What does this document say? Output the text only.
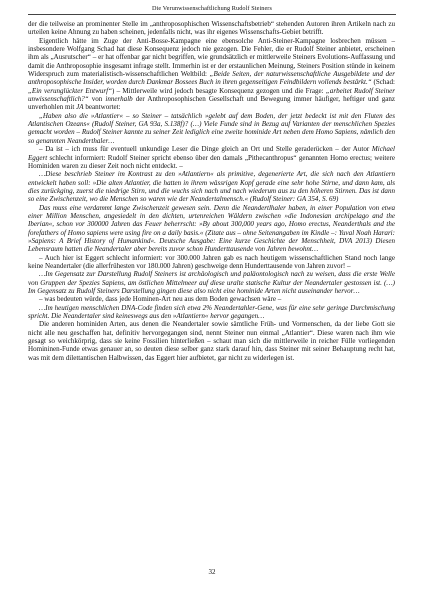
Die Verunwissenschaftlichung Rudolf Steiners

der die teilweise an prominenter Stelle im „anthroposophischen Wissenschaftsbetrieb“ stehenden Autoren ihren Artikeln nach zu urteilen keine Ahnung zu haben scheinen, jedenfalls nicht, was ihr eigenes Wissenschafts-Gebiet betrifft.

Eigentlich hätte im Zuge der Anti-Bosse-Kampagne eine ebensolche Anti-Steiner-Kampagne losbrechen müssen – insbesondere Wolfgang Schad hat diese Konsequenz jedoch nie gezogen. Die Fehler, die er Rudolf Steiner anbietet, erscheinen ihm als „Ausrutscher“ – er hat offenbar gar nicht begriffen, wie grundsätzlich er mittlerweile Steiners Evolutions-Auffassung und damit die Anthroposophie insgesamt infrage stellt. Immerhin ist er der erstaunlichen Meinung, Steiners Position stünde in keinem Widerspruch zum materialistisch-wissenschaftlichen Weltbild: „Beide Seiten, der naturwissenschaftliche Ausgebildete und der anthroposophische Insider, worden durch Dankmar Bossees Buch in ihren gegenseitigen Feindbildern vollends bestärkt.“ (Schad: „Ein verunglückter Entwurf“) – Mittlerweile wird jedoch besagte Konsequenz gezogen und die Frage: „arbeitet Rudolf Steiner unwissenschaftlich?“ von innerhalb der Anthroposophischen Gesellschaft und Bewegung immer häufiger, heftiger und ganz unverhohlen mit JA beantwortet:

„Haben also die »Atlantier« – so Steiner – tatsächlich »gelebt auf dem Boden, der jetzt bedeckt ist mit den Fluten des Atlantischen Ozeans« (Rudolf Steiner, GA 93a, S.138f)? (…) Viele Funde sind in Bezug auf Varianten der menschlichen Spezies gemacht worden – Rudolf Steiner kannte zu seiner Zeit lediglich eine zweite hominide Art neben dem Homo Sapiens, nämlich den so genannten Neanderthaler…

– Da ist – ich muss für eventuell unkundige Leser die Dinge gleich an Ort und Stelle geraderücken – der Autor Michael Eggert schlecht informiert: Rudolf Steiner spricht ebenso über den damals „Pithecanthropus“ genannten Homo erectus; weitere Hominiden waren zu dieser Zeit noch nicht entdeckt. –

…Diese beschrieb Steiner im Kontrast zu den »Atlantiern« als primitive, degenerierte Art, die sich nach den Atlantiern entwickelt haben soll: »Die alten Atlantier, die hatten in ihrem wässrigen Kopf gerade eine sehr hohe Stirne, und dann kam, als dies zurückging, zuerst die niedrige Stirn, und die wuchs sich nach und nach wiederum aus zu den höheren Stirnen. Das ist dann so eine Zwischenzeit, wo die Menschen so waren wie der Neandertalmensch.« (Rudolf Steiner: GA 354, S. 69)

Das muss eine verdammt lange Zwischenzeit gewesen sein. Denn die Neandertlhaler haben, in einer Population von etwa einer Million Menschen, angesiedelt in den dichten, urtenreichen Wäldern zwischen »die Indonesian archipelago and the Iberian«, schon vor 300000 Jahren das Feuer beherrscht: »By about 300,000 years ago, Homo erectus, Neanderthals and the forefathers of Homo sapiens were using fire on a daily basis.« (Zitate aus – ohne Seitenangaben im Kindle –: Yuval Noah Harari: »Sapiens: A Brief History of Humankind«. Deutsche Ausgabe: Eine kurze Geschichte der Menschheit, DVA 2013) Diesen Lebensraum hatten die Neandertaler aber bereits zuvor schon Hunderttausende von Jahren bewohnt…

– Auch hier ist Eggert schlecht informiert: vor 300.000 Jahren gab es nach heutigem wissenschaftlichen Stand noch lange keine Neandertaler (die allerfrühesten vor 180.000 Jahren) geschweige denn Hunderttausende von Jahren zuvor! –

…Im Gegensatz zur Darstellung Rudolf Steiners ist archäologisch und paläontologisch nach zu weisen, dass die erste Welle von Gruppen der Spezies Sapiens, am östlichen Mittelmeer auf diese uralte statische Kultur der Neandertaler gestossen ist. (…) Im Gegensatz zu Rudolf Steiners Darstellung gingen diese also nicht eine hominide Arten nicht auseinander hervor…

– was bedeuten würde, dass jede Hominen-Art neu aus dem Boden gewachsen wäre –

…Im heutigen menschlichen DNA-Code finden sich etwa 2% Neandertahler-Gene, was für eine sehr geringe Durchmischung spricht. Die Neandertaler sind keineswegs aus den »Atlantiern« hervor gegangen…

Die anderen hominiden Arten, aus denen die Neandertaler sowie sämtliche Früh- und Vormenschen, da der liebe Gott sie nicht alle neu geschaffen hat, definitiv hervorgegangen sind, nennt Steiner nun einmal „Atlantier“. Diese waren nach ihm wie gesagt so weichkörprig, dass sie keine Fossilien hinterließen – schaut man sich die mittlerweile in reicher Fülle vorliegenden Homininen-Funde etwas genauer an, so deuten diese selber ganz stark darauf hin, dass Steiner mit seiner Behauptung recht hat, was mit dem dilettantischen Halbwissen, das Eggert hier aufbietet, gar nicht zu widerlegen ist.

32
